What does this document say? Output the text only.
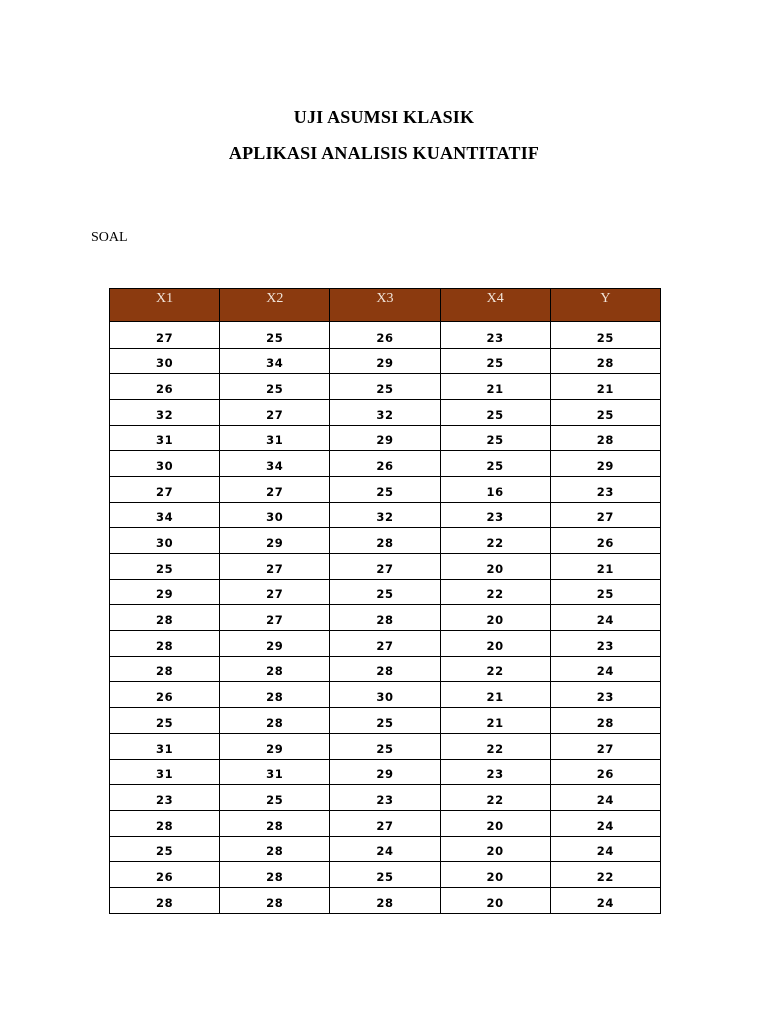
UJI ASUMSI KLASIK
APLIKASI ANALISIS KUANTITATIF
SOAL
X1	X2	X3	X4	Y
27	25	26	23	25
30	34	29	25	28
26	25	25	21	21
32	27	32	25	25
31	31	29	25	28
30	34	26	25	29
27	27	25	16	23
34	30	32	23	27
30	29	28	22	26
25	27	27	20	21
29	27	25	22	25
28	27	28	20	24
28	29	27	20	23
28	28	28	22	24
26	28	30	21	23
25	28	25	21	28
31	29	25	22	27
31	31	29	23	26
23	25	23	22	24
28	28	27	20	24
25	28	24	20	24
26	28	25	20	22
28	28	28	20	24
